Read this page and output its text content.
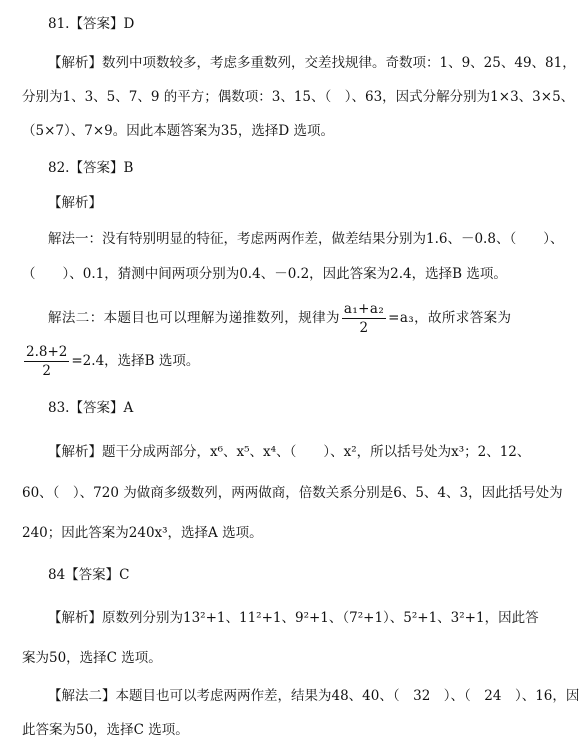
81.【答案】D
【解析】数列中项数较多，考虑多重数列，交差找规律。奇数项：1、9、25、49、81，
分别为1、3、5、7、9 的平方；偶数项：3、15、（　）、63，因式分解分别为1×3、3×5、
（5×7）、7×9。因此本题答案为35，选择D 选项。
82.【答案】B
【解析】
解法一：没有特别明显的特征，考虑两两作差，做差结果分别为1.6、－0.8、（　　）、
（　　）、0.1，猜测中间两项分别为0.4、－0.2，因此答案为2.4，选择B 选项。
解法二：本题目也可以理解为递推数列，规律为 $\frac{\text{a₁+a₂}}{2} =a_3$，故所求答案为
$\frac{2.8+2}{2} =2.4$，选择B 选项。
83.【答案】A
【解析】题干分成两部分，x⁶、x⁵、x⁴、（　　）、x²，所以括号处为x³；2、12、
60、（　）、720 为做商多级数列，两两做商，倍数关系分别是6、5、4、3，因此括号处为
240；因此答案为240x³，选择A 选项。
84【答案】C
【解析】原数列分别为13²+1、11²+1、9²+1、（7²+1）、5²+1、3²+1，因此答
案为50，选择C 选项。
【解法二】本题目也可以考虑两两作差，结果为48、40、（　32　）、（　24　）、16，因
此答案为50，选择C 选项。
